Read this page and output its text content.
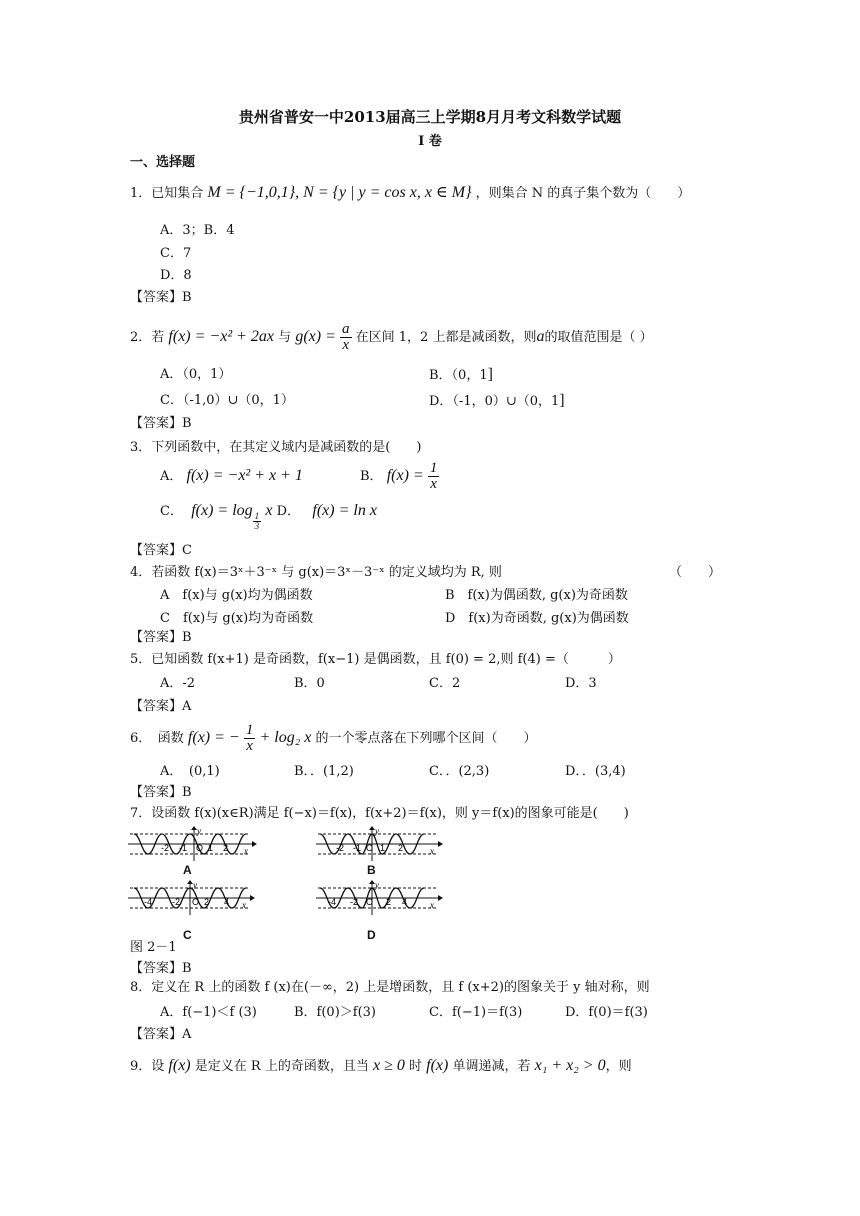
贵州省普安一中2013届高三上学期8月月考文科数学试题
I 卷
一、选择题
1．已知集合 M = {−1,0,1}, N = {y | y = cos x, x ∈ M} ，则集合 N 的真子集个数为（　　）
A．3；B．4
C．7
D．8
【答案】B
2．若 f(x) = −x² + 2ax 与 $g(x) = \frac{a}{x}$ 在区间 1，2 上都是减函数，则a的取值范围是（ ）
A．（0，1）	B．（0，1]
C．（-1,0）∪（0，1）	D．（-1，0）∪（0，1]
【答案】B
3．下列函数中，在其定义域内是减函数的是(　　)
A． f(x) = −x² + x + 1	B． $f(x) = \frac{1}{x}$
C． f(x) = log
$\frac{1}{3}$
x D． f(x) = ln x
【答案】C
4．若函数 f(x)＝3ˣ＋3⁻ˣ 与 g(x)＝3ˣ－3⁻ˣ 的定义域均为 R, 则	（　　）
A　f(x)与 g(x)均为偶函数	B　f(x)为偶函数, g(x)为奇函数
C　f(x)与 g(x)均为奇函数	D　f(x)为奇函数, g(x)为偶函数
【答案】B
5．已知函数 f(x+1) 是奇函数，f(x−1) 是偶函数，且 f(0) = 2,则 f(4) =（　　　）
A．-2	B．0	C．2	D．3
【答案】A
6．　函数 f(x) = − $\frac{1}{x} + \log_2$ x 的一个零点落在下列哪个区间（　　）
A．　(0,1)	B．．(1,2)	C．．(2,3)	D．．(3,4)
【答案】B
7．设函数 f(x)(x∈R)满足 f(−x)＝f(x)，f(x+2)＝f(x)，则 y＝f(x)的图象可能是(　　)
-2 -1 O 1 2 x
y
A
-2 -1 O 1 2	x
y
B
-4 -2 O 2 4 x
y
C
-4 -2 O 2 4	x
y
D
图 2－1
【答案】B
8．定义在 R 上的函数 f (x)在(－∞，2) 上是增函数，且 f (x+2)的图象关于 y 轴对称，则
A．f(−1)＜f (3)	B．f(0)＞f(3)	C．f(−1)＝f(3)	D．f(0)＝f(3)
【答案】A
9．设 f(x) 是定义在 R 上的奇函数，且当 x ≥ 0 时 f(x) 单调递减，若 x₁ + x₂ > 0，则
